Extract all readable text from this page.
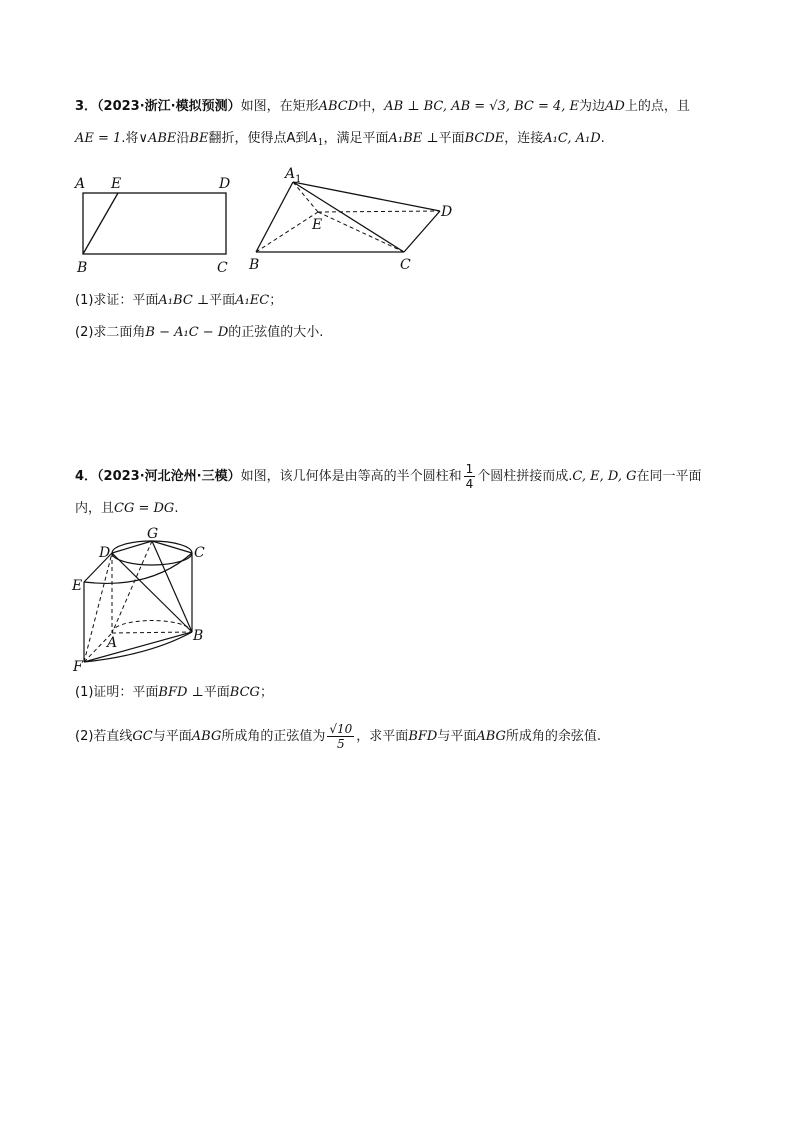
3．（2023·浙江·模拟预测）如图，在矩形ABCD中，AB ⊥ BC, AB = √3, BC = 4, E为边AD上的点，且
AE = 1.将∨ABE沿BE翻折，使得点A到$A_1$，满足平面A₁BE ⊥平面BCDE，连接A₁C, A₁D.
A E	D
B	C
$A_1$
E
D
B	C
(1)求证：平面A₁BC ⊥平面A₁EC；
(2)求二面角B − A₁C − D的正弦值的大小.
4．（2023·河北沧州·三模）如图，该几何体是由等高的半个圆柱和 $\frac{1}{4}$ 个圆柱拼接而成.C, E, D, G在同一平面
内，且CG = DG.
D
G
C
E
A	B
F
(1)证明：平面BFD ⊥平面BCG；
(2)若直线GC与平面ABG所成角的正弦值为 $\frac{√10}{5}$ ，求平面BFD与平面ABG所成角的余弦值.
